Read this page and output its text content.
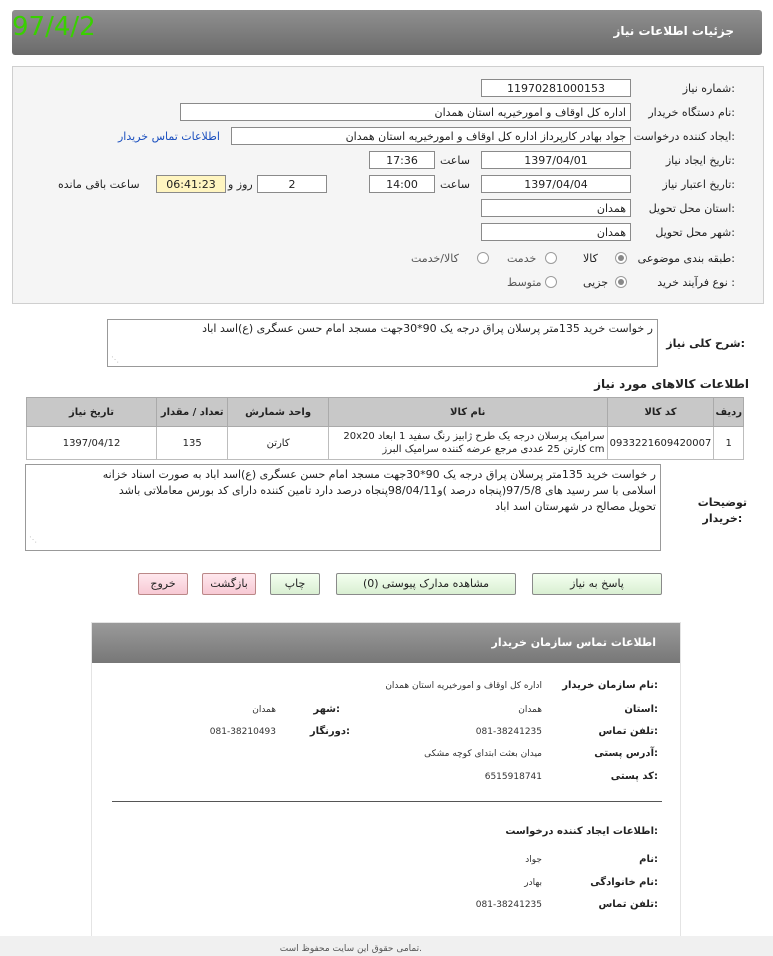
جزئیات اطلاعات نیاز
97/4/2
شماره نیاز:
11970281000153
نام دستگاه خریدار:
اداره کل اوقاف و امورخیریه استان همدان
ایجاد کننده درخواست:
جواد بهادر کارپرداز اداره کل اوقاف و امورخیریه استان همدان
اطلاعات تماس خریدار
تاریخ ایجاد نیاز:
1397/04/01
ساعت
17:36
تاریخ اعتبار نیاز:
1397/04/04
ساعت
14:00
2
روز و
06:41:23
ساعت باقی مانده
استان محل تحویل:
همدان
شهر محل تحویل:
همدان
طبقه بندی موضوعی:
کالا
خدمت
کالا/خدمت
نوع فرآیند خرید :
جزیی
متوسط
شرح کلی نیاز:
ر خواست خرید 135متر پرسلان پراق درجه یک 90*30جهت مسجد امام حسن عسگری (ع)اسد اباد
⋰
اطلاعات کالاهای مورد نیاز
ردیف	کد کالا	نام کالا	واحد شمارش	تعداد / مقدار	تاریخ نیاز
1	0933221609420007	سرامیک پرسلان درجه یک طرح ژابیز رنگ سفید 1 ابعاد 20x20
cm کارتن 25 عددی مرجع عرضه کننده سرامیک البرز	کارتن	135	1397/04/12
توضیحات
خریدار:
ر خواست خرید 135متر پرسلان پراق درجه یک 90*30جهت مسجد امام حسن عسگری (ع)اسد اباد به صورت اسناد خزانه
اسلامی با سر رسید های 97/5/8(پنجاه درصد )و98/04/11پنجاه درصد دارد تامین کننده دارای کد بورس معاملاتی باشد
تحویل مصالح در شهرستان اسد اباد
⋰
پاسخ به نیاز
مشاهده مدارک پیوستی (0)
چاپ
بازگشت
خروج
اطلاعات تماس سازمان خریدار
نام سازمان خریدار:
اداره کل اوقاف و امورخیریه استان همدان
استان:
همدان
شهر:
همدان
تلفن تماس:
081-38241235
دورنگار:
081-38210493
آدرس پستی:
میدان بعثت ابتدای کوچه مشکی
کد پستی:
6515918741
اطلاعات ایجاد کننده درخواست:
نام:
جواد
نام خانوادگی:
بهادر
تلفن تماس:
081-38241235
تمامی حقوق این سایت محفوظ است.
